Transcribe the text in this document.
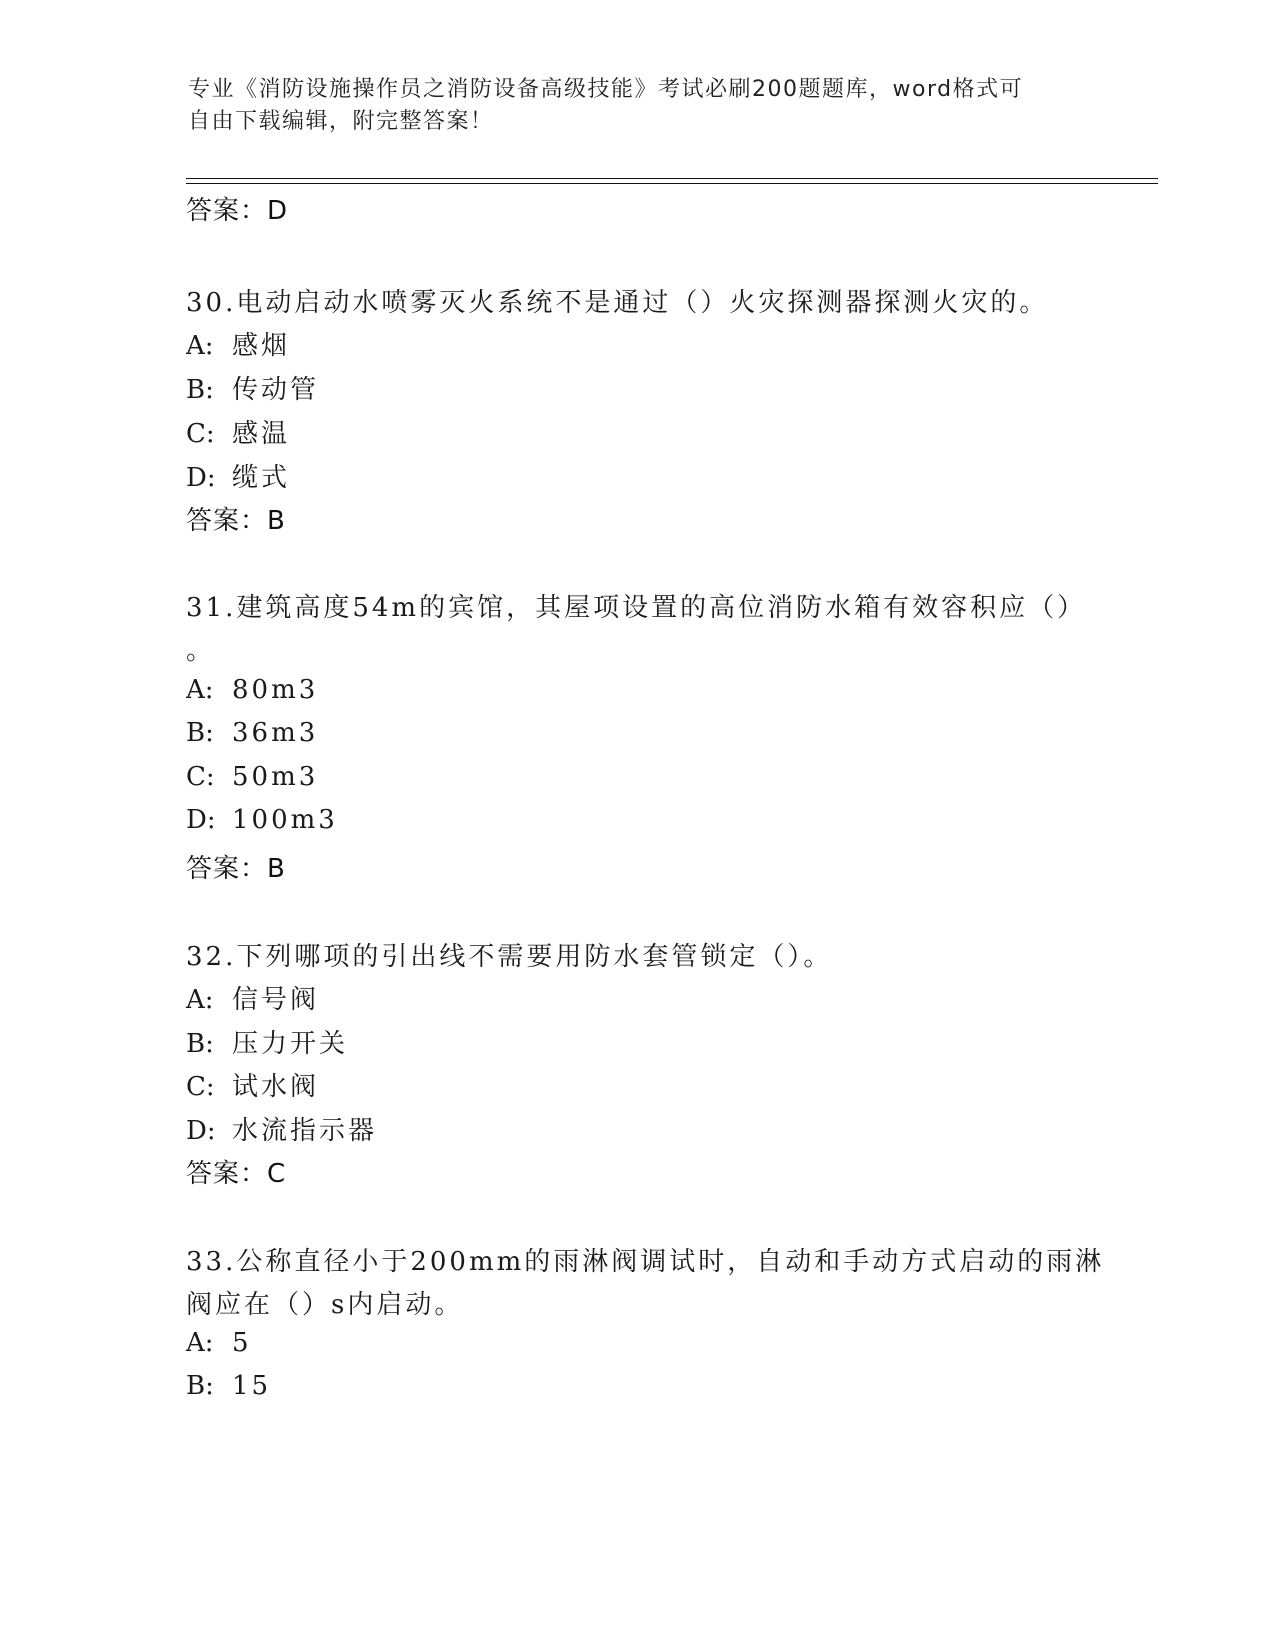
专业《消防设施操作员之消防设备高级技能》考试必刷200题题库，word格式可
自由下载编辑，附完整答案！
答案：D
30.电动启动水喷雾灭火系统不是通过（）火灾探测器探测火灾的。
A: 感烟
B: 传动管
C: 感温
D: 缆式
答案：B
31.建筑高度54m的宾馆，其屋项设置的高位消防水箱有效容积应（）
。
A: 80m3
B: 36m3
C: 50m3
D: 100m3
答案：B
32.下列哪项的引出线不需要用防水套管锁定（）。
A: 信号阀
B: 压力开关
C: 试水阀
D: 水流指示器
答案：C
33.公称直径小于200mm的雨淋阀调试时，自动和手动方式启动的雨淋
阀应在（）s内启动。
A: 5
B: 15
